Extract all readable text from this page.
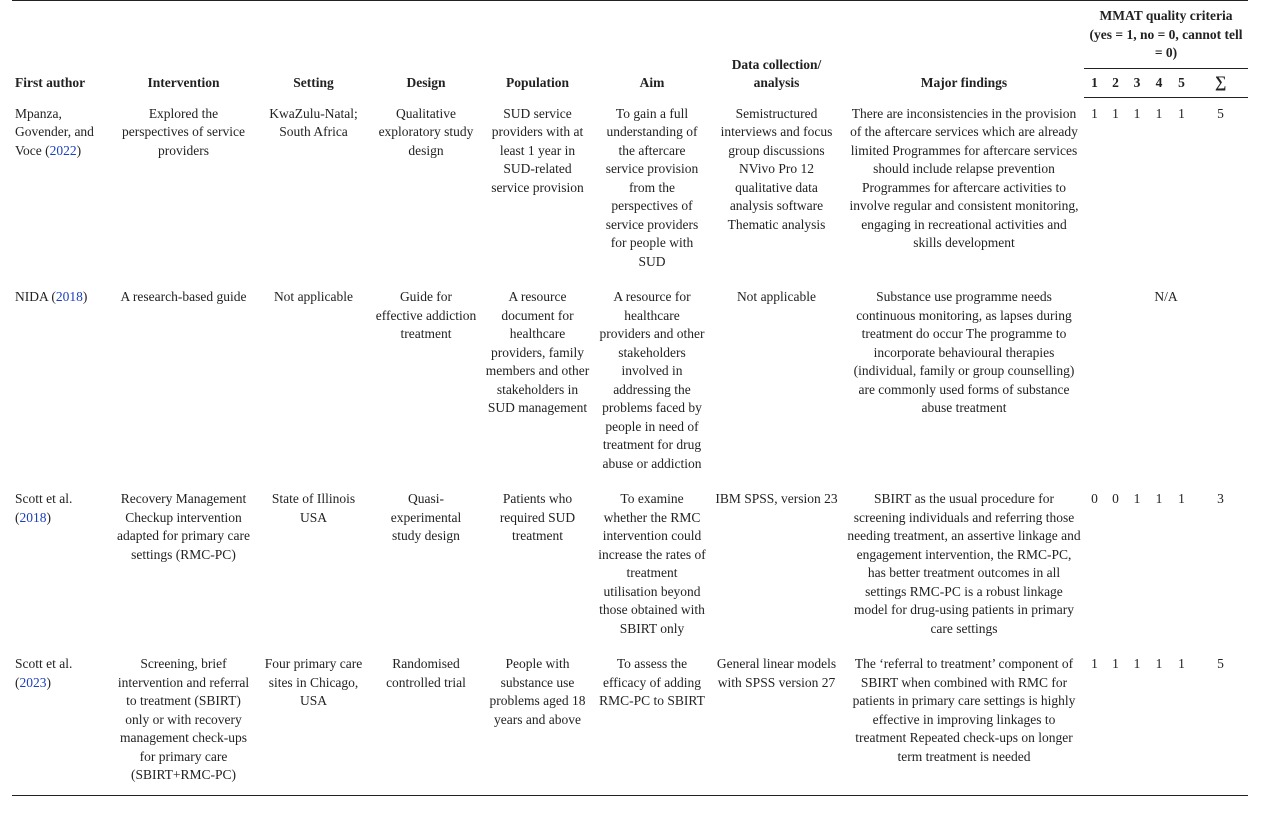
First author	Intervention	Setting	Design	Population	Aim	Data collection/ analysis	Major findings	MMAT quality criteria (yes = 1, no = 0, cannot tell = 0)					
								1	2	3	4	5	∑
Mpanza, Govender, and Voce (2022)	Explored the perspectives of service providers	KwaZulu-Natal; South Africa	Qualitative exploratory study design	SUD service providers with at least 1 year in SUD-related service provision	To gain a full understanding of the aftercare service provision from the perspectives of service providers for people with SUD	Semistructured interviews and focus group discussions NVivo Pro 12 qualitative data analysis software Thematic analysis	There are inconsistencies in the provision of the aftercare services which are already limited Programmes for aftercare services should include relapse prevention Programmes for aftercare activities to involve regular and consistent monitoring, engaging in recreational activities and skills development	1	1	1	1	1	5
NIDA (2018)	A research-based guide	Not applicable	Guide for effective addiction treatment	A resource document for healthcare providers, family members and other stakeholders in SUD management	A resource for healthcare providers and other stakeholders involved in addressing the problems faced by people in need of treatment for drug abuse or addiction	Not applicable	Substance use programme needs continuous monitoring, as lapses during treatment do occur The programme to incorporate behavioural therapies (individual, family or group counselling) are commonly used forms of substance abuse treatment	N/A					
Scott et al. (2018)	Recovery Management Checkup intervention adapted for primary care settings (RMC-PC)	State of Illinois USA	Quasi-experimental study design	Patients who required SUD treatment	To examine whether the RMC intervention could increase the rates of treatment utilisation beyond those obtained with SBIRT only	IBM SPSS, version 23	SBIRT as the usual procedure for screening individuals and referring those needing treatment, an assertive linkage and engagement intervention, the RMC-PC, has better treatment outcomes in all settings RMC-PC is a robust linkage model for drug-using patients in primary care settings	0	0	1	1	1	3
Scott et al. (2023)	Screening, brief intervention and referral to treatment (SBIRT) only or with recovery management check-ups for primary care (SBIRT+RMC-PC)	Four primary care sites in Chicago, USA	Randomised controlled trial	People with substance use problems aged 18 years and above	To assess the efficacy of adding RMC-PC to SBIRT	General linear models with SPSS version 27	The ‘referral to treatment’ component of SBIRT when combined with RMC for patients in primary care settings is highly effective in improving linkages to treatment Repeated check-ups on longer term treatment is needed	1	1	1	1	1	5
